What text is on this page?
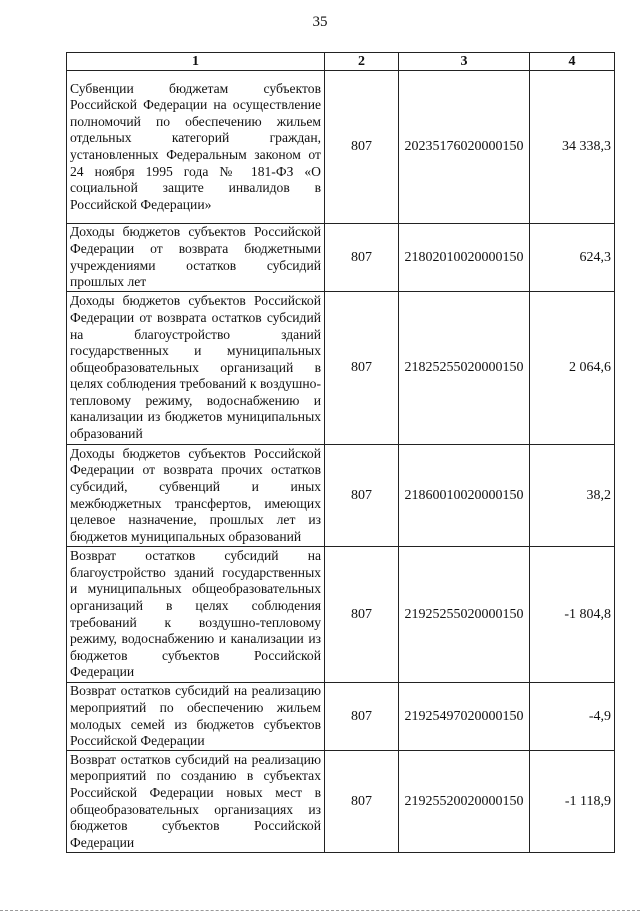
35
1	2	3	4
Субвенции бюджетам субъектов Российской Федерации на осуществление полномочий по обеспечению жильем отдельных категорий граждан, установленных Федеральным законом от 24 ноября 1995 года № 181-ФЗ «О социальной защите инвалидов в Российской Федерации»	807	20235176020000150	34 338,3
Доходы бюджетов субъектов Российской Федерации от возврата бюджетными учреждениями остатков субсидий прошлых лет	807	21802010020000150	624,3
Доходы бюджетов субъектов Российской Федерации от возврата остатков субсидий на благоустройство зданий государственных и муниципальных общеобразовательных организаций в целях соблюдения требований к воздушно-тепловому режиму, водоснабжению и канализации из бюджетов муниципальных образований	807	21825255020000150	2 064,6
Доходы бюджетов субъектов Российской Федерации от возврата прочих остатков субсидий, субвенций и иных межбюджетных трансфертов, имеющих целевое назначение, прошлых лет из бюджетов муниципальных образований	807	21860010020000150	38,2
Возврат остатков субсидий на благоустройство зданий государственных и муниципальных общеобразовательных организаций в целях соблюдения требований к воздушно-тепловому режиму, водоснабжению и канализации из бюджетов субъектов Российской Федерации	807	21925255020000150	-1 804,8
Возврат остатков субсидий на реализацию мероприятий по обеспечению жильем молодых семей из бюджетов субъектов Российской Федерации	807	21925497020000150	-4,9
Возврат остатков субсидий на реализацию мероприятий по созданию в субъектах Российской Федерации новых мест в общеобразовательных организациях из бюджетов субъектов Российской Федерации	807	21925520020000150	-1 118,9
